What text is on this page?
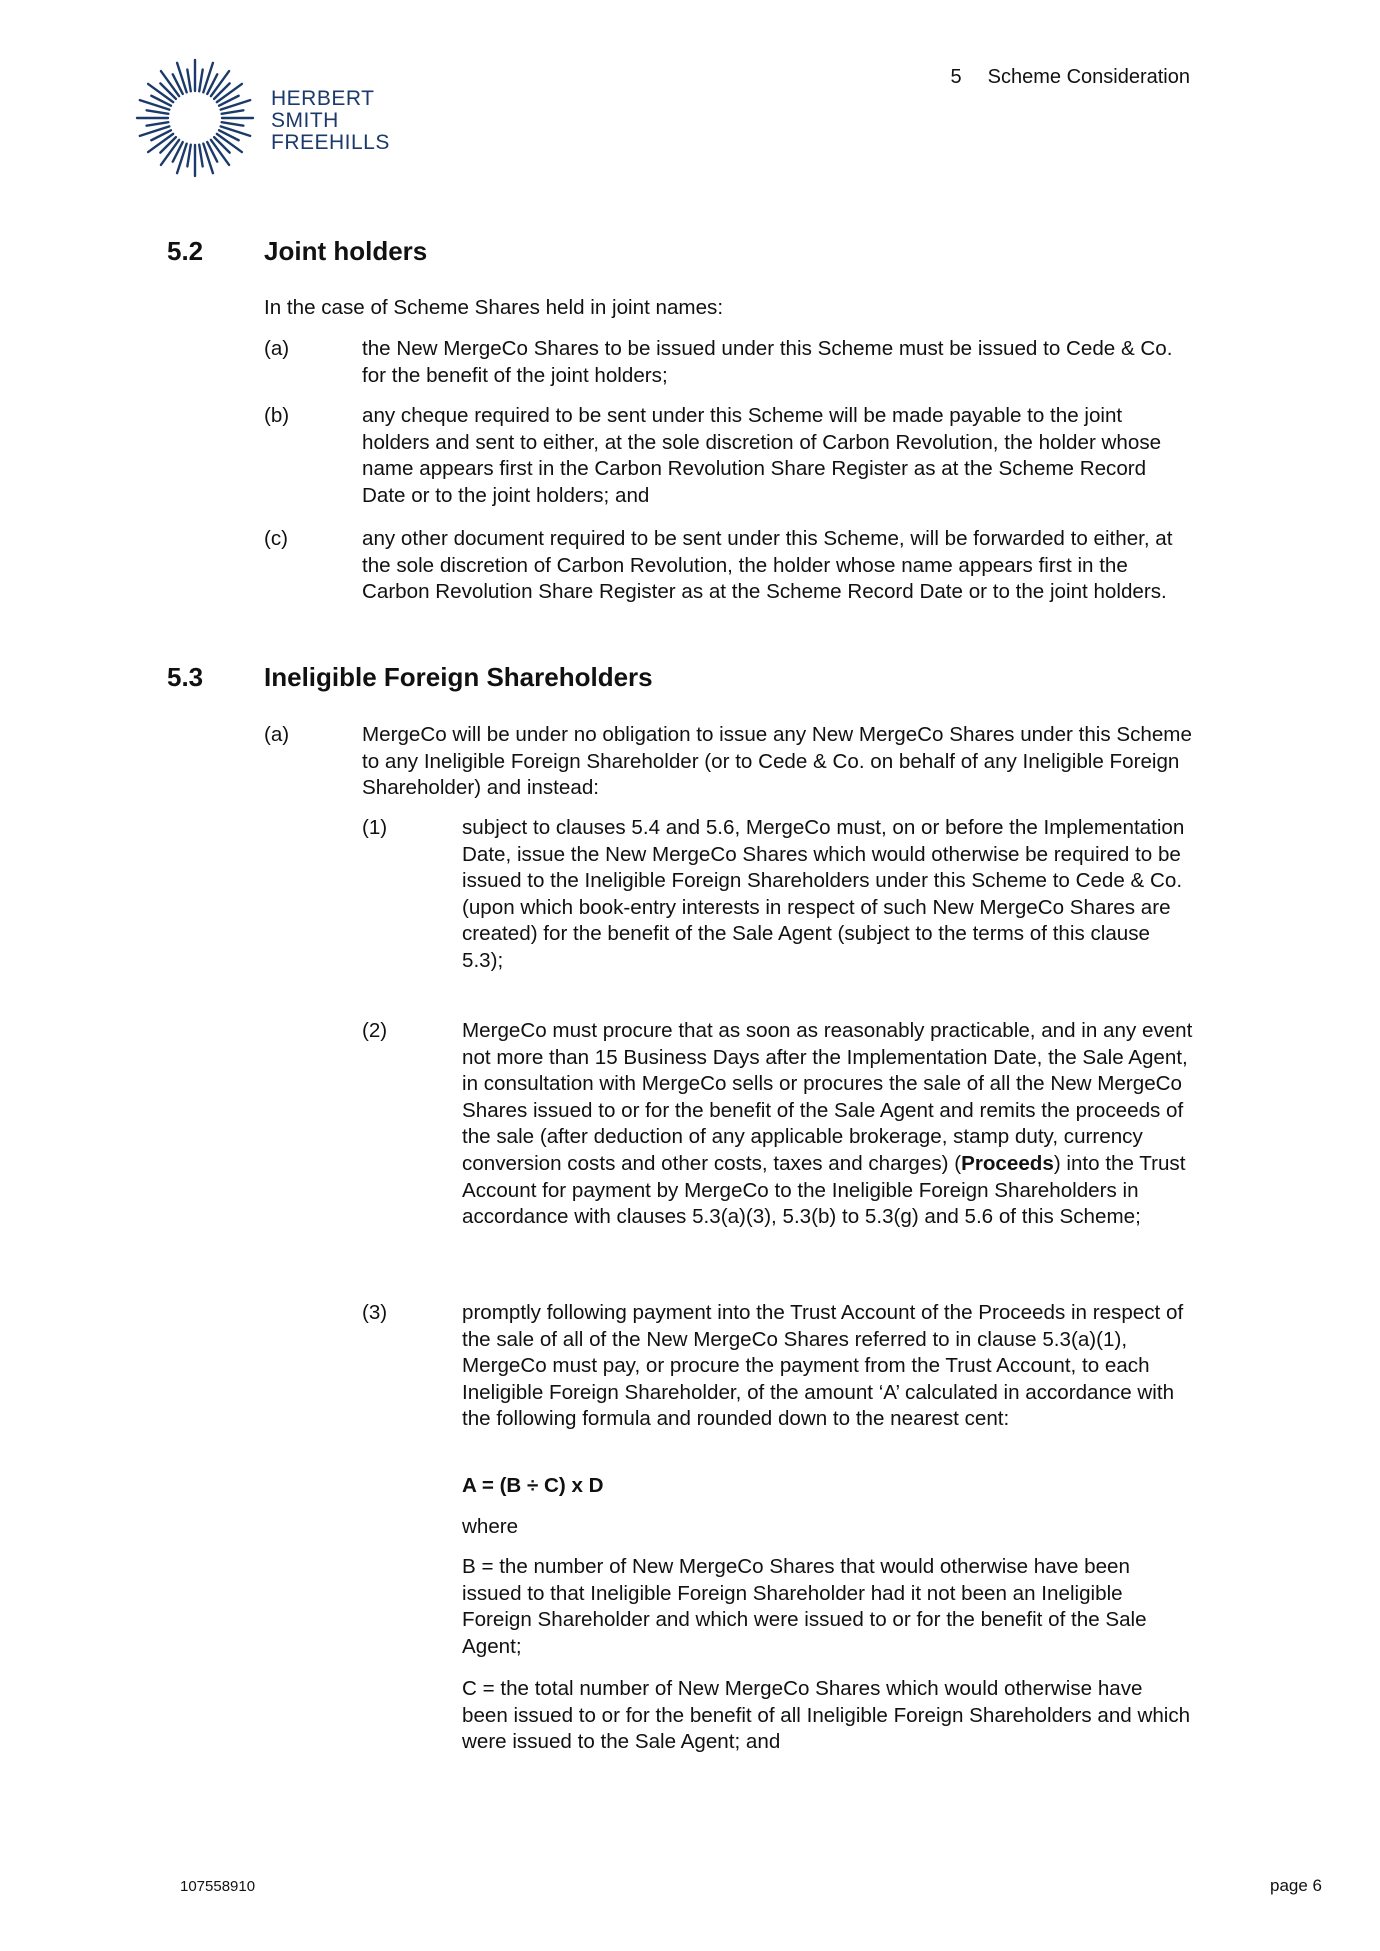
HERBERT
SMITH
FREEHILLS
5 Scheme Consideration
5.2 Joint holders
In the case of Scheme Shares held in joint names:
(a)	the New MergeCo Shares to be issued under this Scheme must be issued to Cede & Co. for the benefit of the joint holders;
(b)	any cheque required to be sent under this Scheme will be made payable to the joint holders and sent to either, at the sole discretion of Carbon Revolution, the holder whose name appears first in the Carbon Revolution Share Register as at the Scheme Record Date or to the joint holders; and
(c)	any other document required to be sent under this Scheme, will be forwarded to either, at the sole discretion of Carbon Revolution, the holder whose name appears first in the Carbon Revolution Share Register as at the Scheme Record Date or to the joint holders.
5.3 Ineligible Foreign Shareholders
(a)	MergeCo will be under no obligation to issue any New MergeCo Shares under this Scheme to any Ineligible Foreign Shareholder (or to Cede & Co. on behalf of any Ineligible Foreign Shareholder) and instead:
(1)	subject to clauses 5.4 and 5.6, MergeCo must, on or before the Implementation Date, issue the New MergeCo Shares which would otherwise be required to be issued to the Ineligible Foreign Shareholders under this Scheme to Cede & Co. (upon which book-entry interests in respect of such New MergeCo Shares are created) for the benefit of the Sale Agent (subject to the terms of this clause 5.3);
(2)	MergeCo must procure that as soon as reasonably practicable, and in any event not more than 15 Business Days after the Implementation Date, the Sale Agent, in consultation with MergeCo sells or procures the sale of all the New MergeCo Shares issued to or for the benefit of the Sale Agent and remits the proceeds of the sale (after deduction of any applicable brokerage, stamp duty, currency conversion costs and other costs, taxes and charges) (Proceeds) into the Trust Account for payment by MergeCo to the Ineligible Foreign Shareholders in accordance with clauses 5.3(a)(3), 5.3(b) to 5.3(g) and 5.6 of this Scheme;
(3)	promptly following payment into the Trust Account of the Proceeds in respect of the sale of all of the New MergeCo Shares referred to in clause 5.3(a)(1), MergeCo must pay, or procure the payment from the Trust Account, to each Ineligible Foreign Shareholder, of the amount ‘A’ calculated in accordance with the following formula and rounded down to the nearest cent:
A = (B ÷ C) x D
where
B = the number of New MergeCo Shares that would otherwise have been issued to that Ineligible Foreign Shareholder had it not been an Ineligible Foreign Shareholder and which were issued to or for the benefit of the Sale Agent;
C = the total number of New MergeCo Shares which would otherwise have been issued to or for the benefit of all Ineligible Foreign Shareholders and which were issued to the Sale Agent; and
107558910	page 6
